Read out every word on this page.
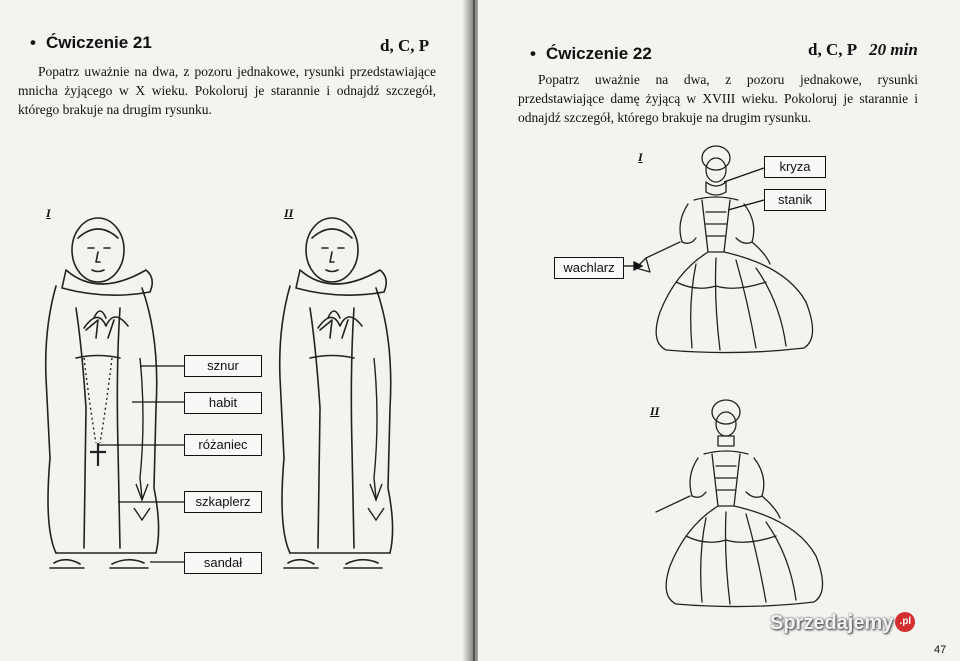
• Ćwiczenie 21	d, C, P
Popatrz uważnie na dwa, z pozoru jednakowe, rysunki przedstawiające mnicha żyjącego w X wieku. Pokoloruj je starannie i odnajdź szczegół, którego brakuje na drugim rysunku.
I	II
sznur
habit
różaniec
szkaplerz
sandał
• Ćwiczenie 22	d, C, P 20 min
Popatrz uważnie na dwa, z pozoru jednakowe, rysunki przedstawiające damę żyjącą w XVIII wieku. Pokoloruj je starannie i odnajdź szczegół, którego brakuje na drugim rysunku.
I
II
kryza
stanik
wachlarz
47
Sprzedajemy .pl
